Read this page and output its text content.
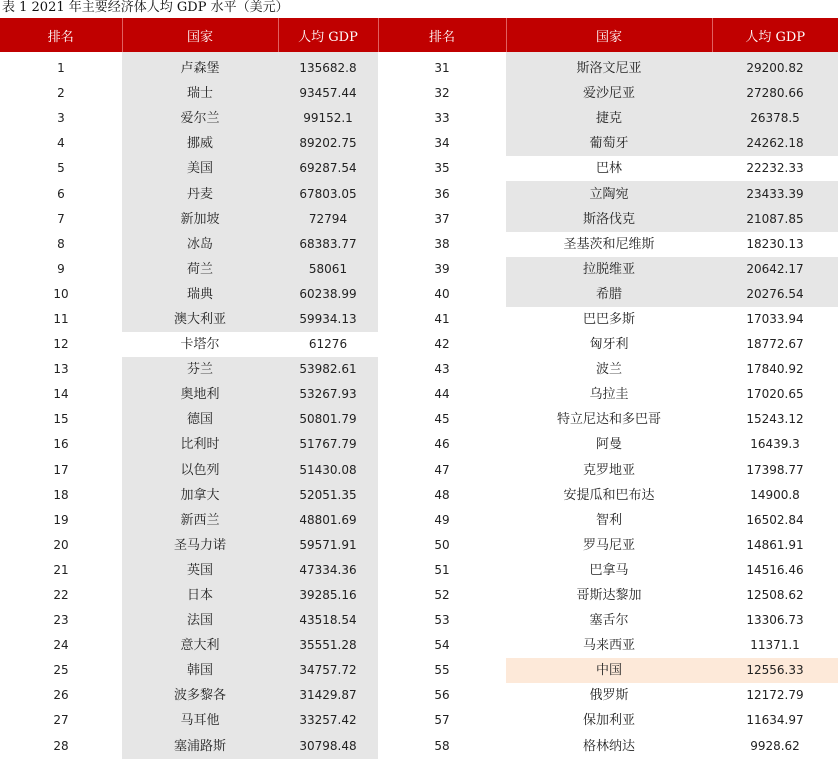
表 1 2021 年主要经济体人均 GDP 水平（美元）
排名	国家	人均 GDP	排名	国家	人均 GDP
1	卢森堡	135682.8	31	斯洛文尼亚	29200.82
2	瑞士	93457.44	32	爱沙尼亚	27280.66
3	爱尔兰	99152.1	33	捷克	26378.5
4	挪威	89202.75	34	葡萄牙	24262.18
5	美国	69287.54	35	巴林	22232.33
6	丹麦	67803.05	36	立陶宛	23433.39
7	新加坡	72794	37	斯洛伐克	21087.85
8	冰岛	68383.77	38	圣基茨和尼维斯	18230.13
9	荷兰	58061	39	拉脱维亚	20642.17
10	瑞典	60238.99	40	希腊	20276.54
11	澳大利亚	59934.13	41	巴巴多斯	17033.94
12	卡塔尔	61276	42	匈牙利	18772.67
13	芬兰	53982.61	43	波兰	17840.92
14	奥地利	53267.93	44	乌拉圭	17020.65
15	德国	50801.79	45	特立尼达和多巴哥	15243.12
16	比利时	51767.79	46	阿曼	16439.3
17	以色列	51430.08	47	克罗地亚	17398.77
18	加拿大	52051.35	48	安提瓜和巴布达	14900.8
19	新西兰	48801.69	49	智利	16502.84
20	圣马力诺	59571.91	50	罗马尼亚	14861.91
21	英国	47334.36	51	巴拿马	14516.46
22	日本	39285.16	52	哥斯达黎加	12508.62
23	法国	43518.54	53	塞舌尔	13306.73
24	意大利	35551.28	54	马来西亚	11371.1
25	韩国	34757.72	55	中国	12556.33
26	波多黎各	31429.87	56	俄罗斯	12172.79
27	马耳他	33257.42	57	保加利亚	11634.97
28	塞浦路斯	30798.48	58	格林纳达	9928.62
